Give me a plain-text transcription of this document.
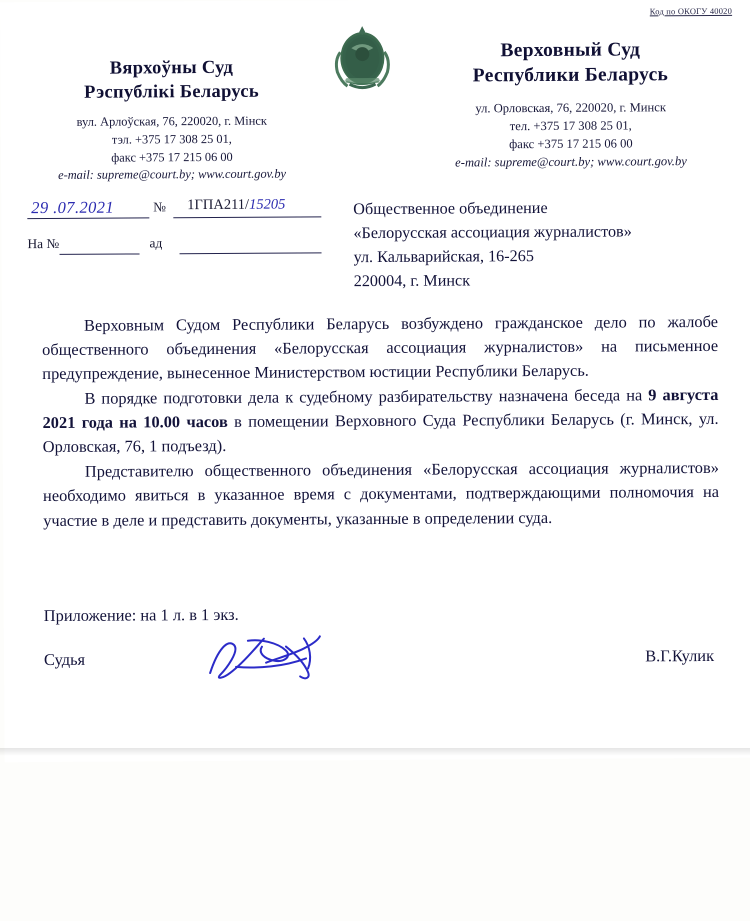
Код по ОКОГУ 40020
Вярхоўны Суд
Рэспублікі Беларусь
вул. Арлоўская, 76, 220020, г. Мінск
тэл. +375 17 308 25 01,
факс +375 17 215 06 00
e-mail: supreme@court.by; www.court.gov.by
Верховный Суд
Республики Беларусь
ул. Орловская, 76, 220020, г. Минск
тел. +375 17 308 25 01,
факс +375 17 215 06 00
e-mail: supreme@court.by; www.court.gov.by
29 .07.2021	№ 1ГПА211/15205
На №	ад
Общественное объединение
«Белорусская ассоциация журналистов»
ул. Кальварийская, 16-265
220004, г. Минск

Верховным Судом Республики Беларусь возбуждено гражданское дело по жалобе общественного объединения «Белорусская ассоциация журналистов» на письменное предупреждение, вынесенное Министерством юстиции Республики Беларусь.

В порядке подготовки дела к судебному разбирательству назначена беседа на 9 августа 2021 года на 10.00 часов в помещении Верховного Суда Республики Беларусь (г. Минск, ул. Орловская, 76, 1 подъезд).

Представителю общественного объединения «Белорусская ассоциация журналистов» необходимо явиться в указанное время с документами, подтверждающими полномочия на участие в деле и представить документы, указанные в определении суда.

Приложение: на 1 л. в 1 экз.
Судья	В.Г.Кулик
